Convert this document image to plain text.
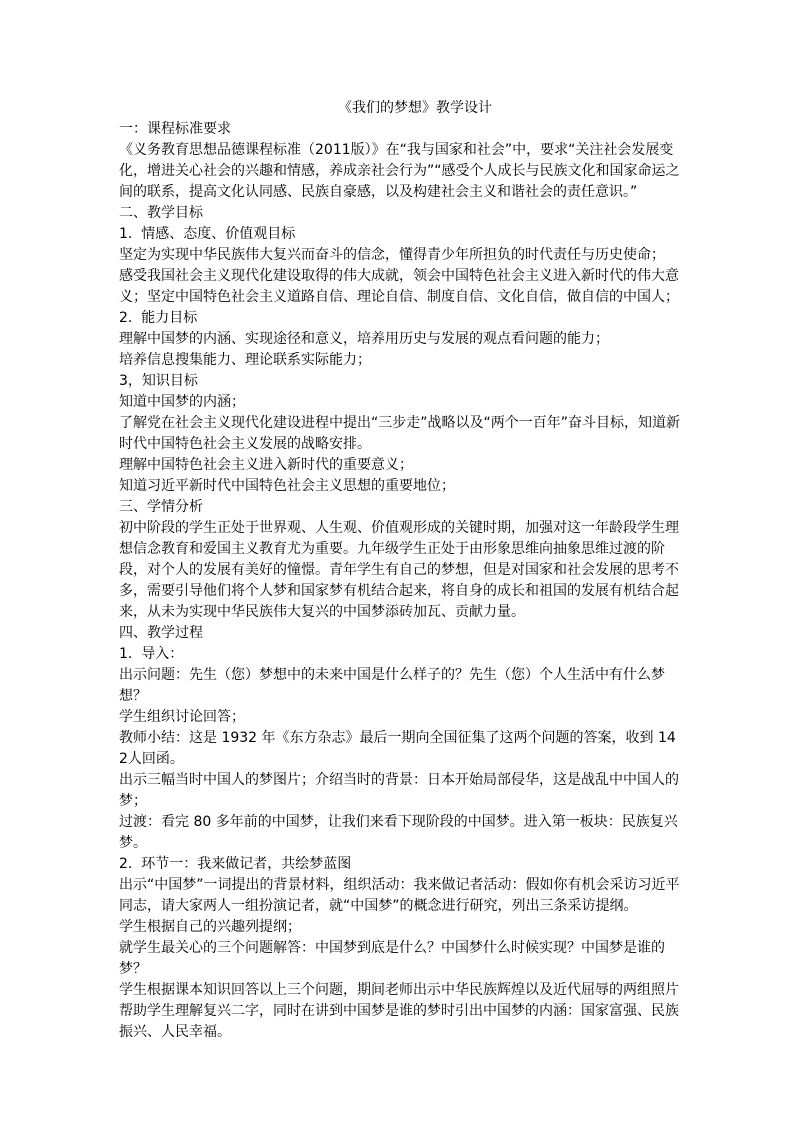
《我们的梦想》教学设计

一：课程标准要求

《义务教育思想品德课程标准（2011版）》在“我与国家和社会”中，要求“关注社会发展变化，增进关心社会的兴趣和情感，养成亲社会行为”“感受个人成长与民族文化和国家命运之间的联系，提高文化认同感、民族自豪感，以及构建社会主义和谐社会的责任意识。”

二、教学目标

1.  情感、态度、价值观目标

坚定为实现中华民族伟大复兴而奋斗的信念，懂得青少年所担负的时代责任与历史使命；

感受我国社会主义现代化建设取得的伟大成就，领会中国特色社会主义进入新时代的伟大意义；坚定中国特色社会主义道路自信、理论自信、制度自信、文化自信，做自信的中国人；

2.  能力目标

理解中国梦的内涵、实现途径和意义，培养用历史与发展的观点看问题的能力；

培养信息搜集能力、理论联系实际能力；

3，知识目标

知道中国梦的内涵；

了解党在社会主义现代化建设进程中提出“三步走”战略以及“两个一百年”奋斗目标，知道新时代中国特色社会主义发展的战略安排。

理解中国特色社会主义进入新时代的重要意义；

知道习近平新时代中国特色社会主义思想的重要地位；

三、学情分析

初中阶段的学生正处于世界观、人生观、价值观形成的关键时期，加强对这一年龄段学生理想信念教育和爱国主义教育尤为重要。九年级学生正处于由形象思维向抽象思维过渡的阶段，对个人的发展有美好的憧憬。青年学生有自己的梦想，但是对国家和社会发展的思考不多，需要引导他们将个人梦和国家梦有机结合起来，将自身的成长和祖国的发展有机结合起来，从未为实现中华民族伟大复兴的中国梦添砖加瓦、贡献力量。

四、教学过程

1.  导入：

出示问题：先生（您）梦想中的未来中国是什么样子的？先生（您）个人生活中有什么梦想？

学生组织讨论回答；

教师小结：这是 1932 年《东方杂志》最后一期向全国征集了这两个问题的答案，收到 142人回函。

出示三幅当时中国人的梦图片；介绍当时的背景：日本开始局部侵华，这是战乱中中国人的梦；

过渡：看完 80 多年前的中国梦，让我们来看下现阶段的中国梦。进入第一板块：民族复兴梦。

2.  环节一：我来做记者，共绘梦蓝图

出示“中国梦”一词提出的背景材料，组织活动：我来做记者活动：假如你有机会采访习近平同志，请大家两人一组扮演记者，就“中国梦”的概念进行研究，列出三条采访提纲。

学生根据自己的兴趣列提纲；

就学生最关心的三个问题解答：中国梦到底是什么？中国梦什么时候实现？中国梦是谁的梦？

学生根据课本知识回答以上三个问题，期间老师出示中华民族辉煌以及近代屈辱的两组照片帮助学生理解复兴二字，同时在讲到中国梦是谁的梦时引出中国梦的内涵：国家富强、民族振兴、人民幸福。
